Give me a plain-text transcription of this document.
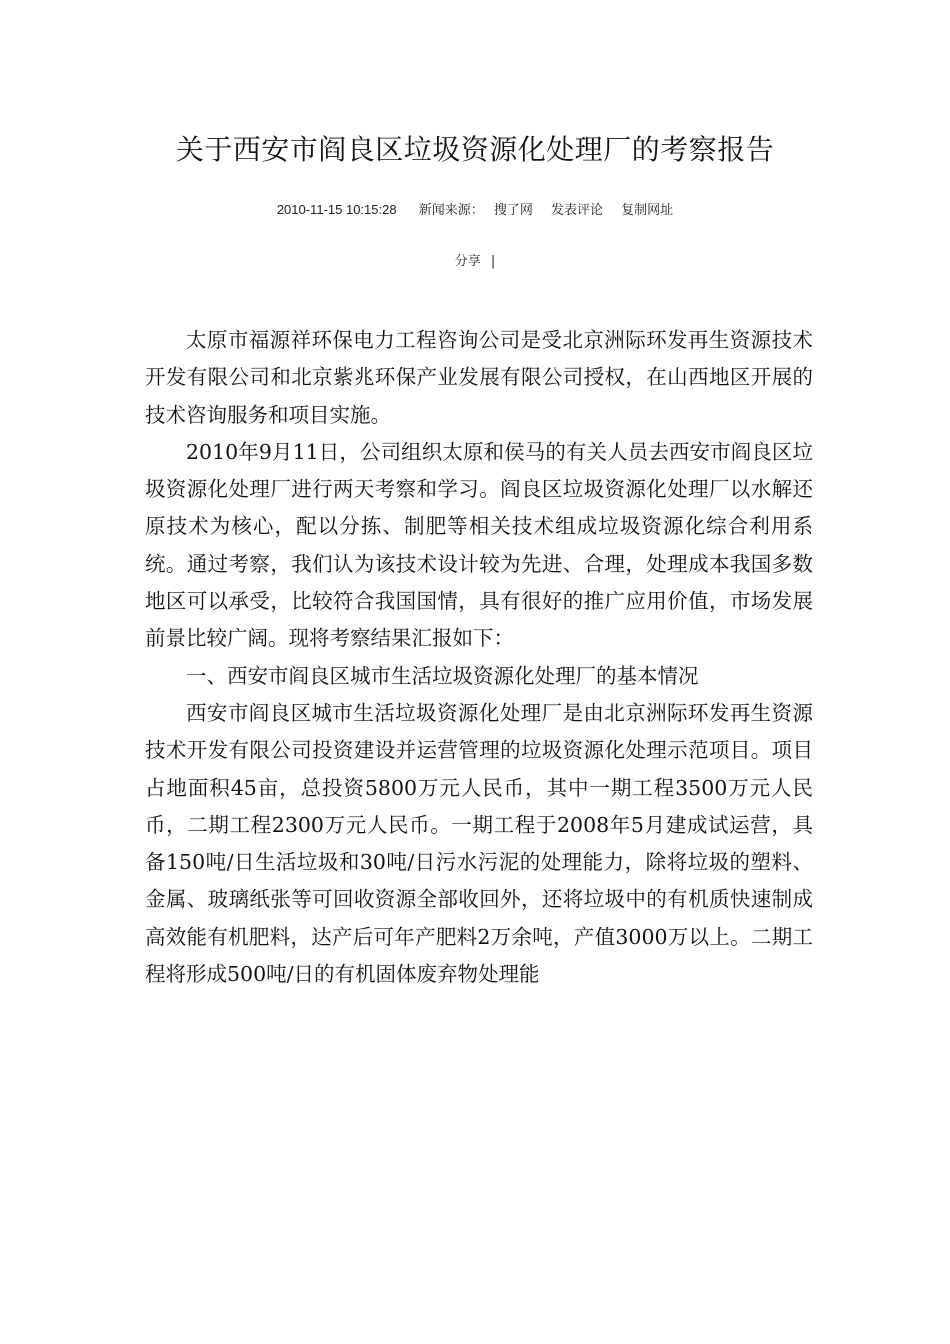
关于西安市阎良区垃圾资源化处理厂的考察报告
2010-11-15 10:15:28 新闻来源： 搜了网 发表评论 复制网址
分享 |

太原市福源祥环保电力工程咨询公司是受北京洲际环发再生资源技术开发有限公司和北京紫兆环保产业发展有限公司授权，在山西地区开展的技术咨询服务和项目实施。

2010年9月11日，公司组织太原和侯马的有关人员去西安市阎良区垃圾资源化处理厂进行两天考察和学习。阎良区垃圾资源化处理厂以水解还原技术为核心，配以分拣、制肥等相关技术组成垃圾资源化综合利用系统。通过考察，我们认为该技术设计较为先进、合理，处理成本我国多数地区可以承受，比较符合我国国情，具有很好的推广应用价值，市场发展前景比较广阔。现将考察结果汇报如下：

一、西安市阎良区城市生活垃圾资源化处理厂的基本情况

西安市阎良区城市生活垃圾资源化处理厂是由北京洲际环发再生资源技术开发有限公司投资建设并运营管理的垃圾资源化处理示范项目。项目占地面积45亩，总投资5800万元人民币，其中一期工程3500万元人民币，二期工程2300万元人民币。一期工程于2008年5月建成试运营，具备150吨/日生活垃圾和30吨/日污水污泥的处理能力，除将垃圾的塑料、金属、玻璃纸张等可回收资源全部收回外，还将垃圾中的有机质快速制成高效能有机肥料，达产后可年产肥料2万余吨，产值3000万以上。二期工程将形成500吨/日的有机固体废弃物处理能
